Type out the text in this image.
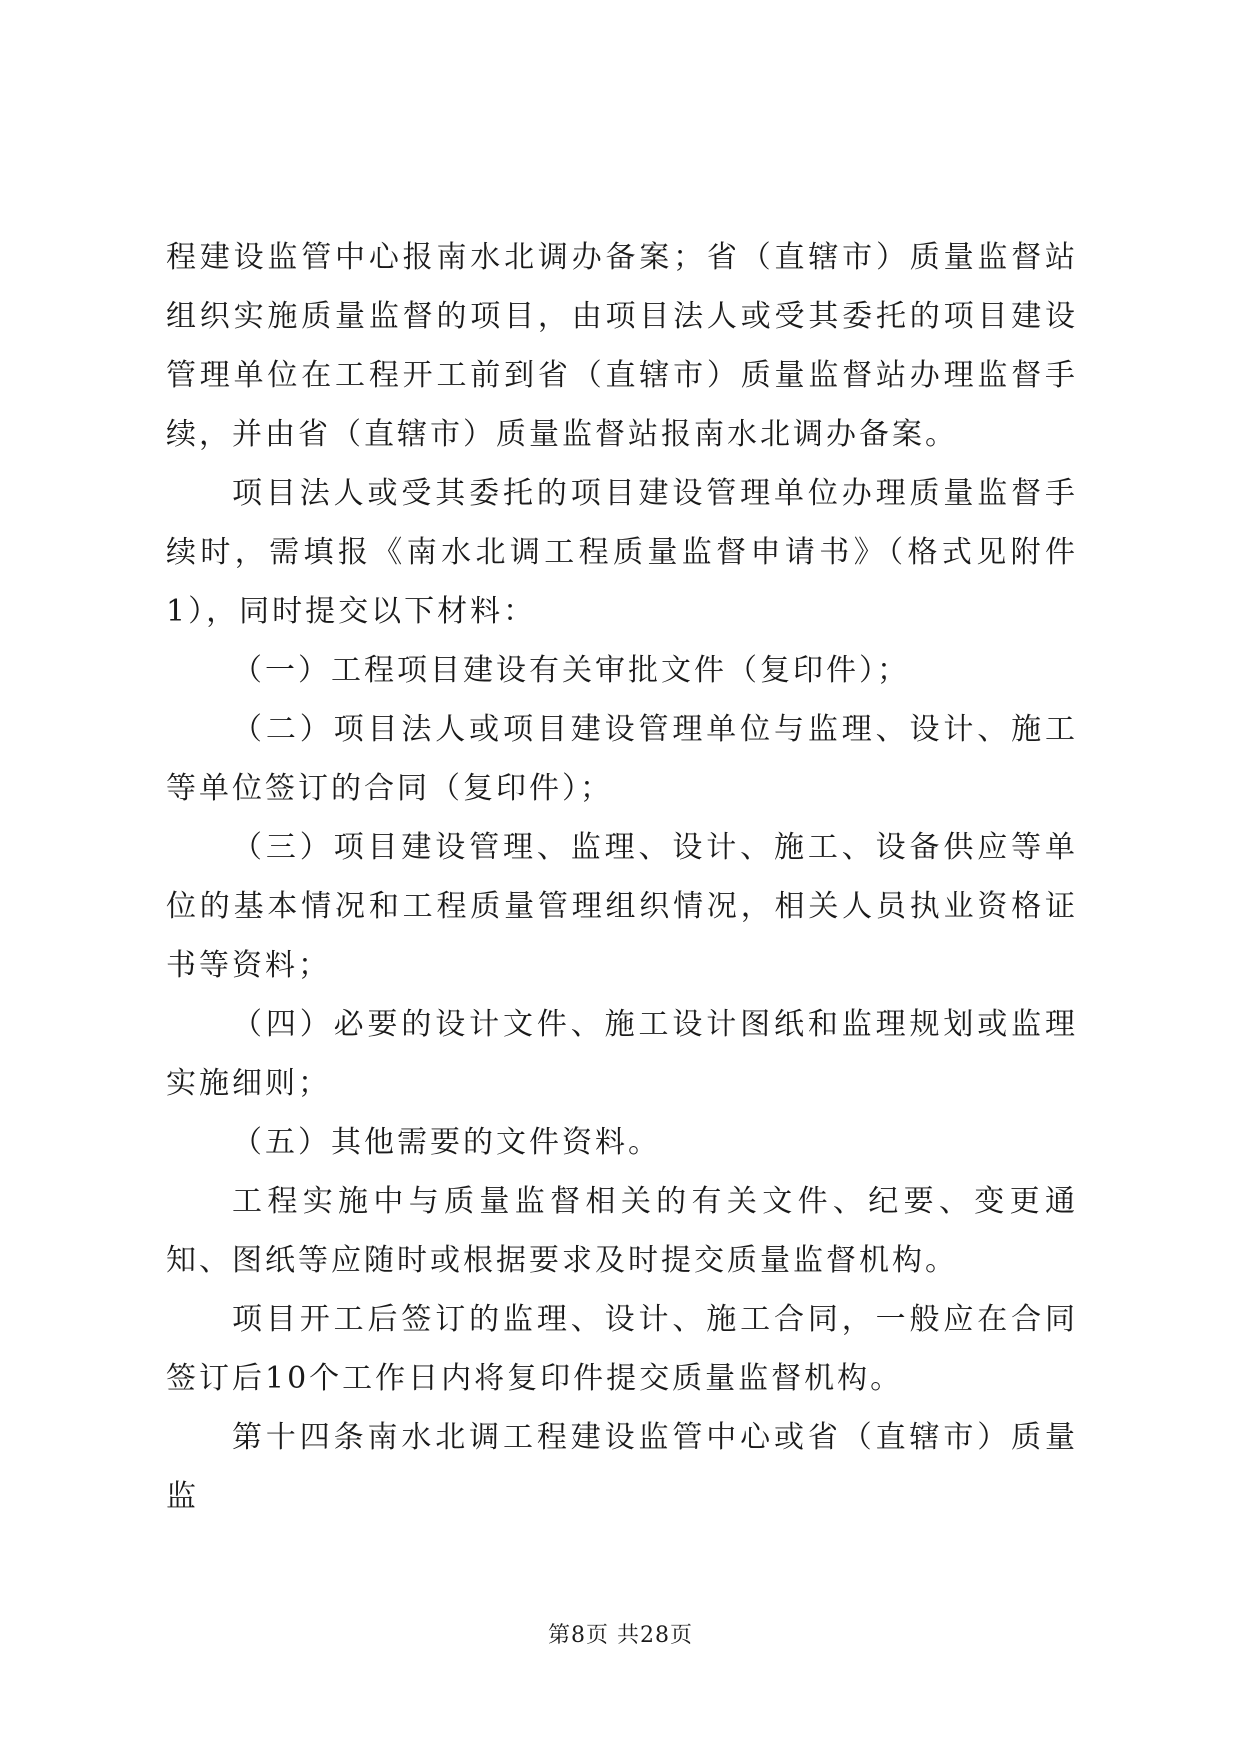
程建设监管中心报南水北调办备案；省（直辖市）质量监督站组织实施质量监督的项目，由项目法人或受其委托的项目建设管理单位在工程开工前到省（直辖市）质量监督站办理监督手续，并由省（直辖市）质量监督站报南水北调办备案。

项目法人或受其委托的项目建设管理单位办理质量监督手续时，需填报《南水北调工程质量监督申请书》（格式见附件1），同时提交以下材料：

（一）工程项目建设有关审批文件（复印件）；

（二）项目法人或项目建设管理单位与监理、设计、施工等单位签订的合同（复印件）；

（三）项目建设管理、监理、设计、施工、设备供应等单位的基本情况和工程质量管理组织情况，相关人员执业资格证书等资料；

（四）必要的设计文件、施工设计图纸和监理规划或监理实施细则；

（五）其他需要的文件资料。

工程实施中与质量监督相关的有关文件、纪要、变更通知、图纸等应随时或根据要求及时提交质量监督机构。

项目开工后签订的监理、设计、施工合同，一般应在合同签订后10个工作日内将复印件提交质量监督机构。

第十四条南水北调工程建设监管中心或省（直辖市）质量监

第8页 共28页
